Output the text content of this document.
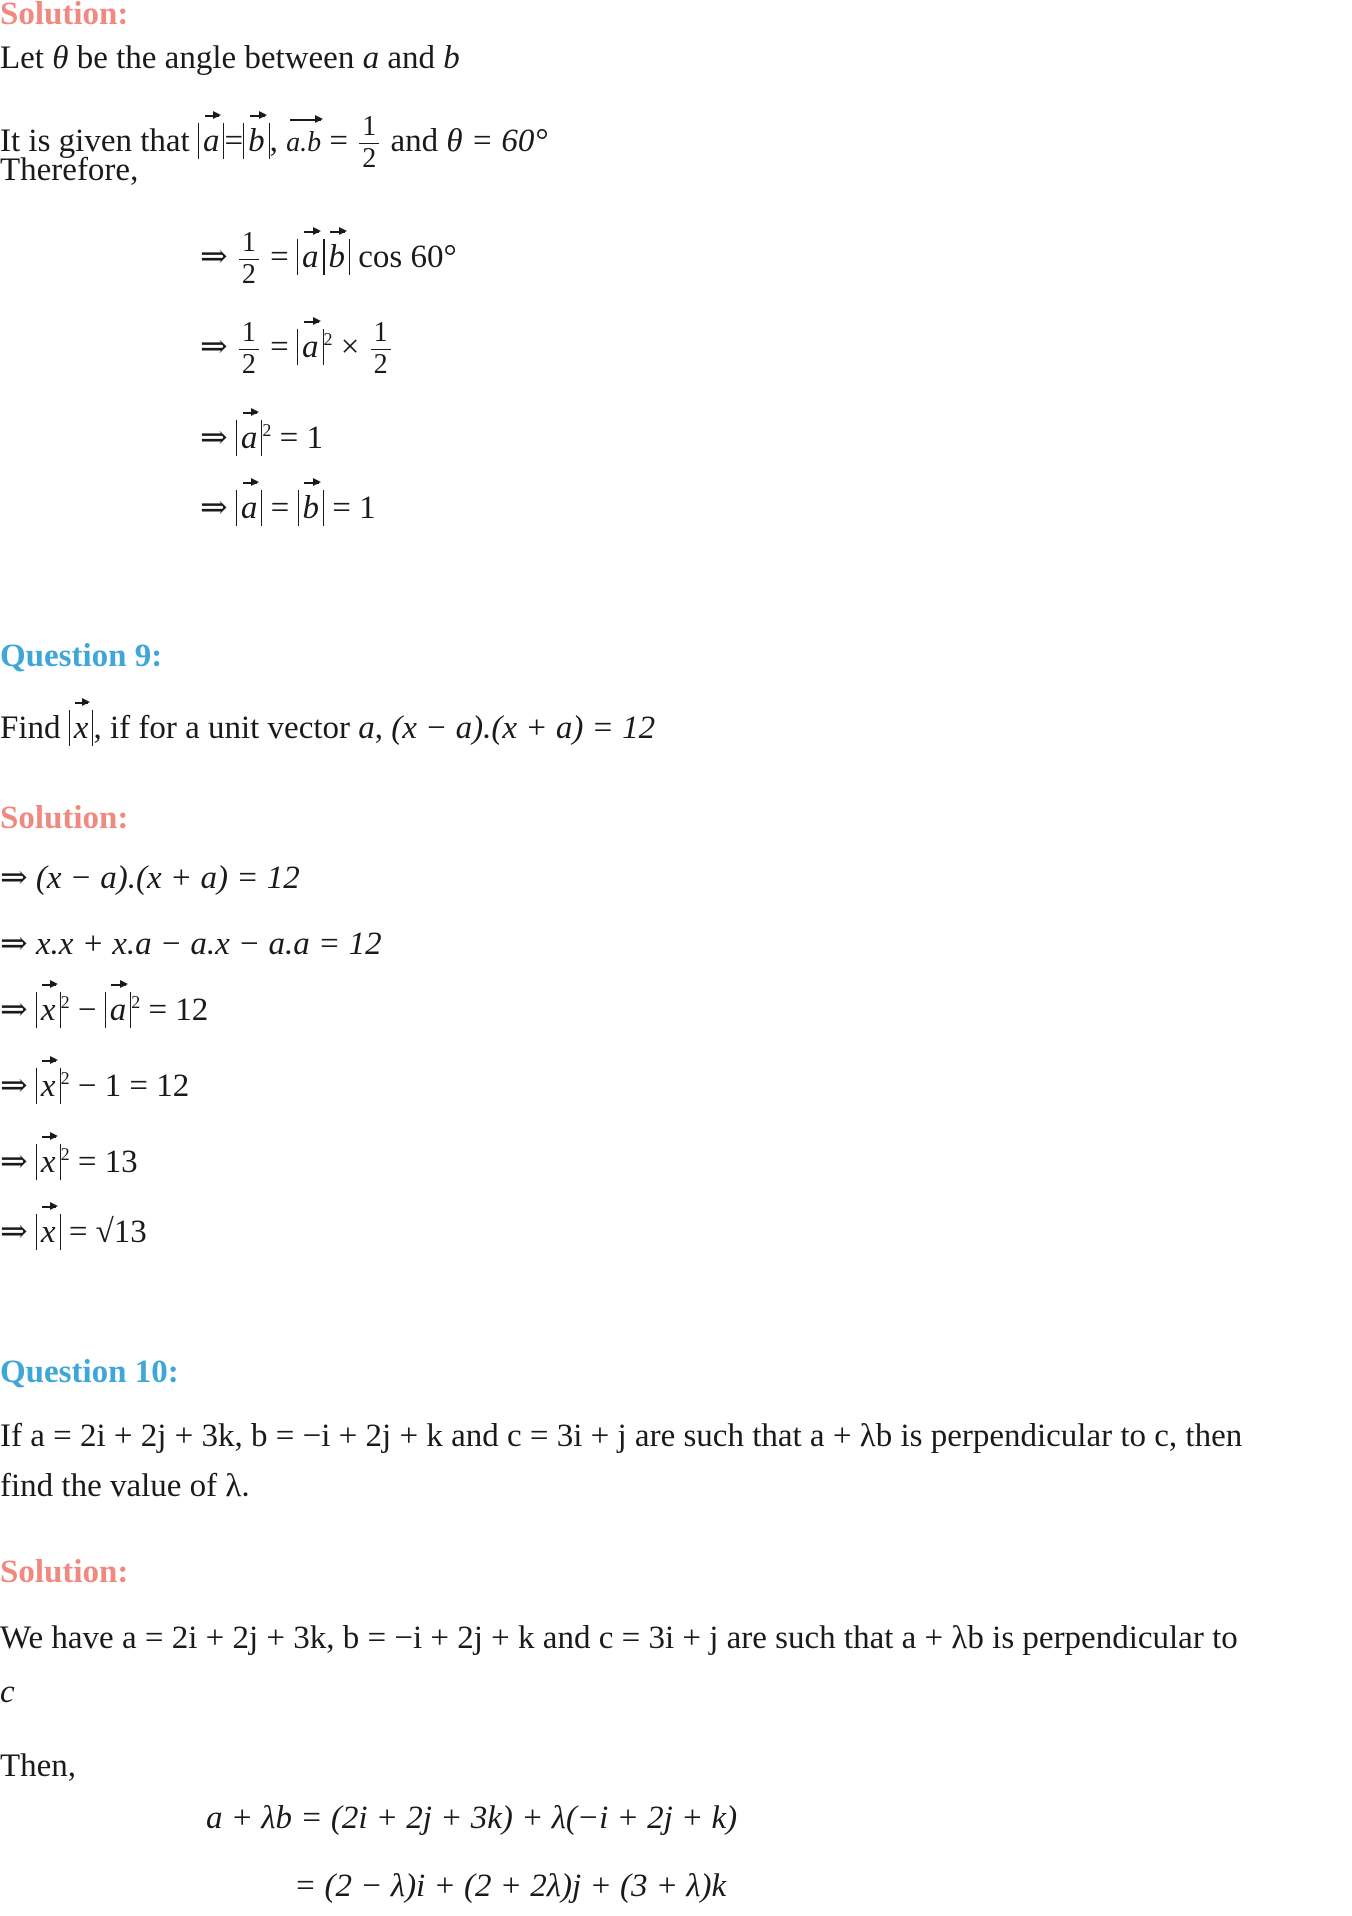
Solution:
Let θ be the angle between a and b
It is given that a = b , $a.b = \frac{1}{2}$ and θ = 60°
Therefore,
⇒ $\frac{1}{2} = a$ b cos 60°
⇒ $\frac{1}{2} = a$ $^2 \times \frac{1}{2}$
⇒ a $^2$ = 1
⇒ a = b = 1
Question 9:
Find x , if for a unit vector a, (x − a).(x + a) = 12
Solution:
⇒ (x − a).(x + a) = 12
⇒ x.x + x.a − a.x − a.a = 12
⇒ x $^2$ − a $^2$ = 12
⇒ x $^2$ − 1 = 12
⇒ x $^2$ = 13
⇒ x = √13
Question 10:
If a = 2i + 2j + 3k, b = −i + 2j + k and c = 3i + j are such that a + λb is perpendicular to c, then
find the value of λ.
Solution:
We have a = 2i + 2j + 3k, b = −i + 2j + k and c = 3i + j are such that a + λb is perpendicular to
c
Then,
a + λb = (2i + 2j + 3k) + λ(−i + 2j + k)
= (2 − λ)i + (2 + 2λ)j + (3 + λ)k
